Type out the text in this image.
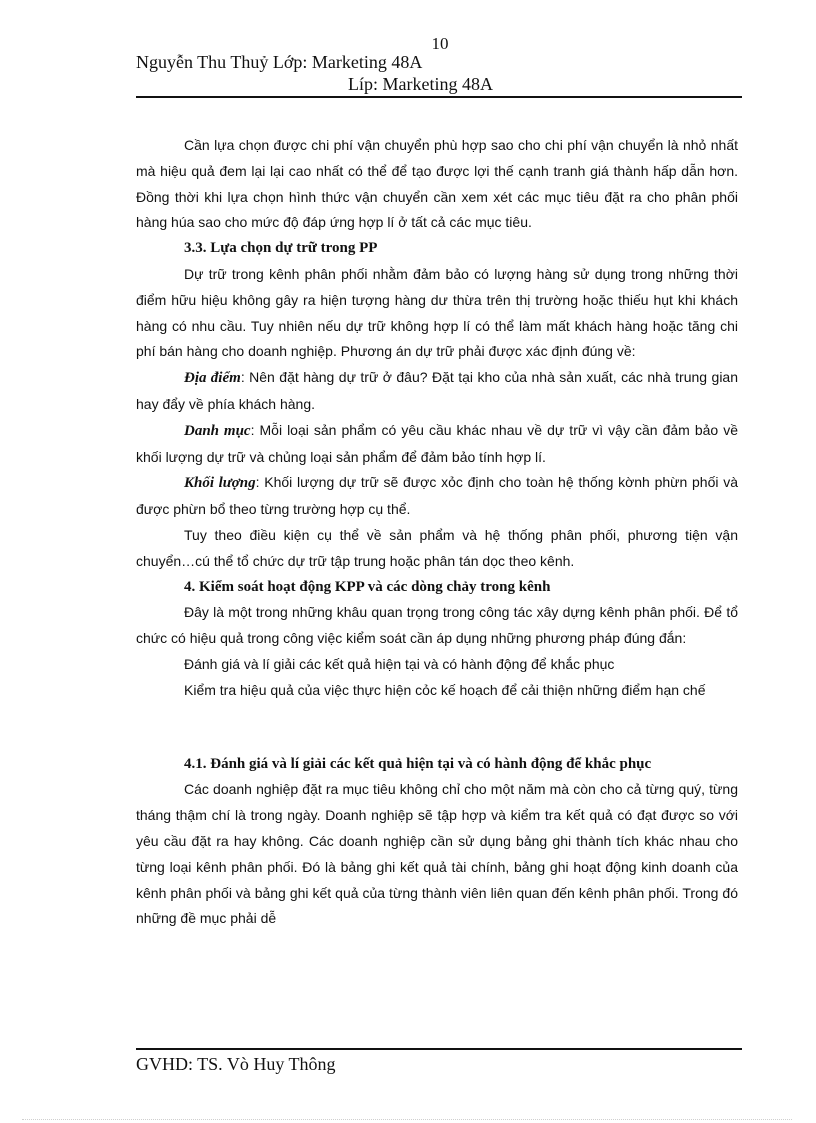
10
Nguyễn Thu Thuỷ Lớp: Marketing 48A
Líp: Marketing 48A

Cần lựa chọn được chi phí vận chuyển phù hợp sao cho chi phí vận chuyển là nhỏ nhất mà hiệu quả đem lại lại cao nhất có thể để tạo được lợi thế cạnh tranh giá thành hấp dẫn hơn. Đồng thời khi lựa chọn hình thức vận chuyển cần xem xét các mục tiêu đặt ra cho phân phối hàng húa sao cho mức độ đáp ứng hợp lí ở tất cả các mục tiêu.

3.3. Lựa chọn dự trữ trong PP

Dự trữ trong kênh phân phối nhằm đảm bảo có lượng hàng sử dụng trong những thời điểm hữu hiệu không gây ra hiện tượng hàng dư thừa trên thị trường hoặc thiếu hụt khi khách hàng có nhu cầu. Tuy nhiên nếu dự trữ không hợp lí có thể làm mất khách hàng hoặc tăng chi phí bán hàng cho doanh nghiệp. Phương án dự trữ phải được xác định đúng về:

Địa điểm: Nên đặt hàng dự trữ ở đâu? Đặt tại kho của nhà sản xuất, các nhà trung gian hay đẩy về phía khách hàng.

Danh mục: Mỗi loại sản phẩm có yêu cầu khác nhau về dự trữ vì vậy cần đảm bảo về khối lượng dự trữ và chủng loại sản phẩm để đảm bảo tính hợp lí.

Khối lượng: Khối lượng dự trữ sẽ được xỏc định cho toàn hệ thống kờnh phừn phối và được phừn bổ theo từng trường hợp cụ thể.

Tuy theo điều kiện cụ thể về sản phẩm và hệ thống phân phối, phương tiện vận chuyển…cú thể tổ chức dự trữ tập trung hoặc phân tán dọc theo kênh.

4. Kiểm soát hoạt động KPP và các dòng chảy trong kênh

Đây là một trong những khâu quan trọng trong công tác xây dựng kênh phân phối. Để tổ chức có hiệu quả trong công việc kiểm soát cần áp dụng những phương pháp đúng đắn:

Đánh giá và lí giải các kết quả hiện tại và có hành động để khắc phục

Kiểm tra hiệu quả của việc thực hiện cỏc kế hoạch để cải thiện những điểm hạn chế

4.1. Đánh giá và lí giải các kết quả hiện tại và có hành động để khắc phục

Các doanh nghiệp đặt ra mục tiêu không chỉ cho một năm mà còn cho cả từng quý, từng tháng thậm chí là trong ngày. Doanh nghiệp sẽ tập hợp và kiểm tra kết quả có đạt được so với yêu cầu đặt ra hay không. Các doanh nghiệp cần sử dụng bảng ghi thành tích khác nhau cho từng loại kênh phân phối. Đó là bảng ghi kết quả tài chính, bảng ghi hoạt động kinh doanh của kênh phân phối và bảng ghi kết quả của từng thành viên liên quan đến kênh phân phối. Trong đó những đề mục phải dễ

GVHD: TS. Vò Huy Thông
